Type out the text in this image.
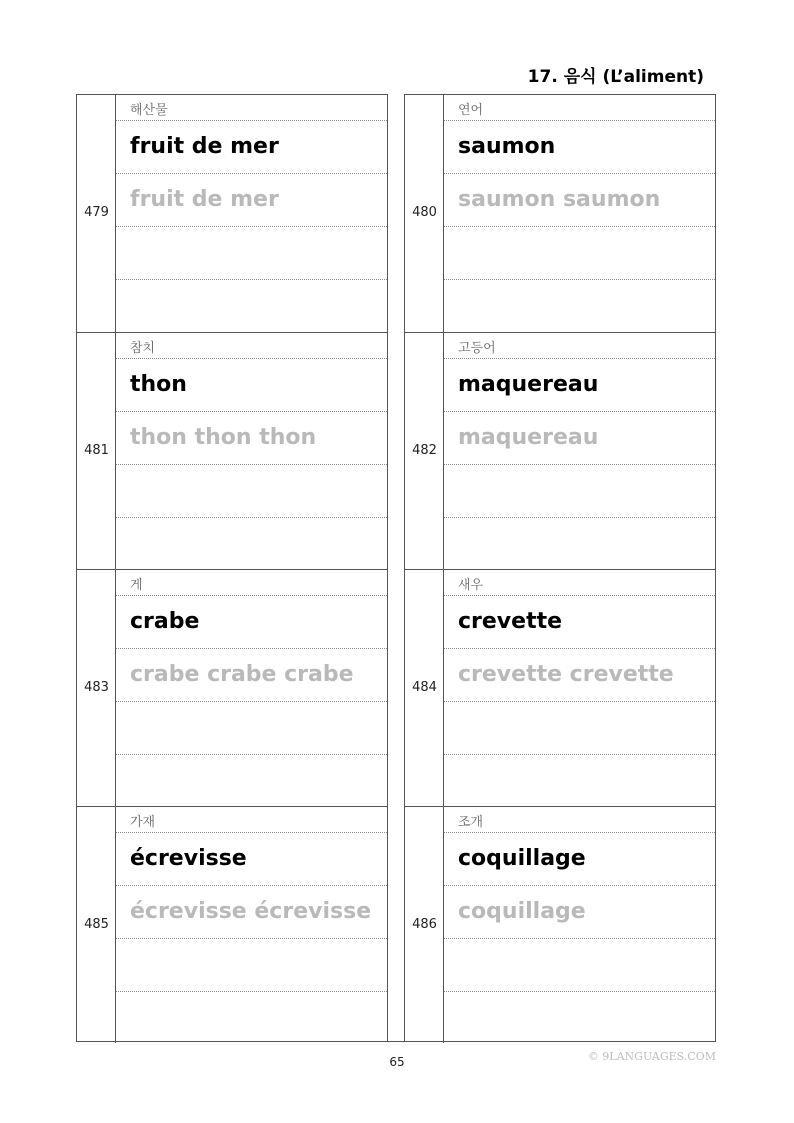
17. 음식 (L’aliment)
479
해산물
fruit de mer
fruit de mer
481
참치
thon
thon thon thon
483
게
crabe
crabe crabe crabe
485
가재
écrevisse
écrevisse écrevisse
480
연어
saumon
saumon saumon
482
고등어
maquereau
maquereau
484
새우
crevette
crevette crevette
486
조개
coquillage
coquillage
65	© 9LANGUAGES.COM
